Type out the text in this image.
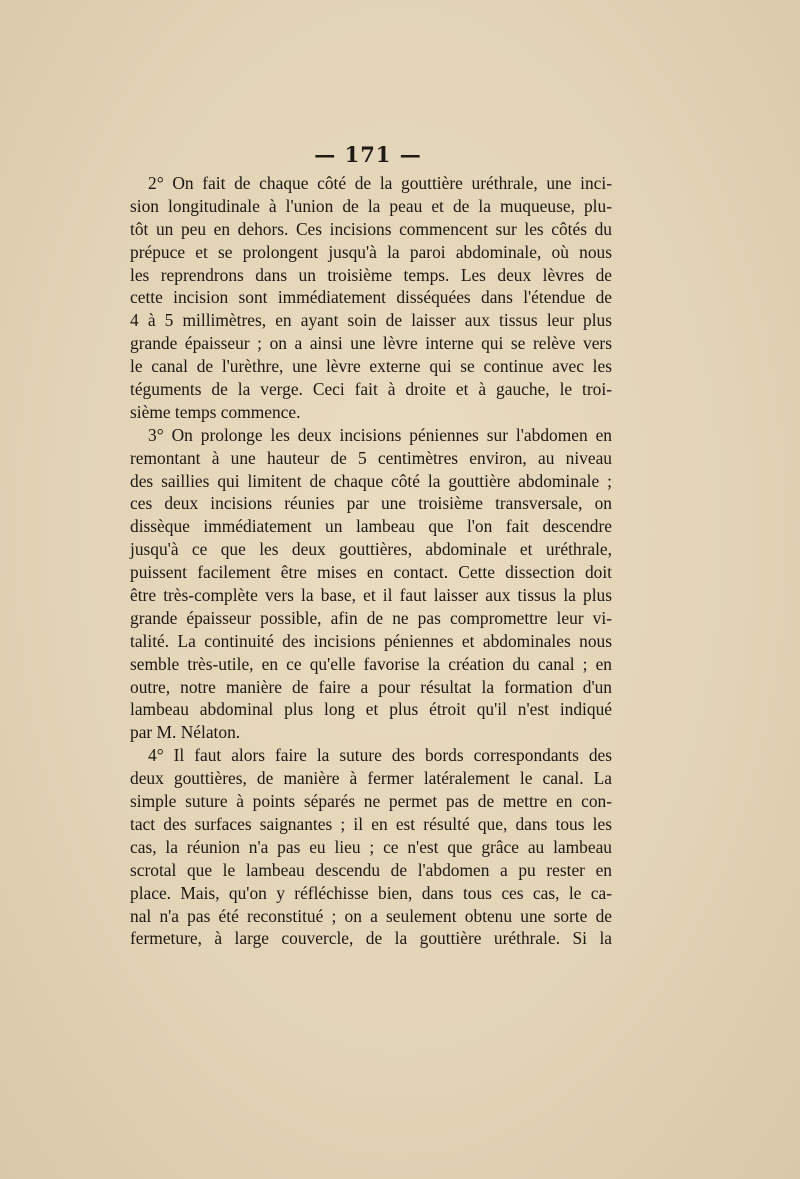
— 171 —
2° On fait de chaque côté de la gouttière uréthrale, une inci-
sion longitudinale à l'union de la peau et de la muqueuse, plu-
tôt un peu en dehors. Ces incisions commencent sur les côtés du
prépuce et se prolongent jusqu'à la paroi abdominale, où nous
les reprendrons dans un troisième temps. Les deux lèvres de
cette incision sont immédiatement disséquées dans l'étendue de
4 à 5 millimètres, en ayant soin de laisser aux tissus leur plus
grande épaisseur ; on a ainsi une lèvre interne qui se relève vers
le canal de l'urèthre, une lèvre externe qui se continue avec les
téguments de la verge. Ceci fait à droite et à gauche, le troi-
sième temps commence.
3° On prolonge les deux incisions péniennes sur l'abdomen en
remontant à une hauteur de 5 centimètres environ, au niveau
des saillies qui limitent de chaque côté la gouttière abdominale ;
ces deux incisions réunies par une troisième transversale, on
dissèque immédiatement un lambeau que l'on fait descendre
jusqu'à ce que les deux gouttières, abdominale et uréthrale,
puissent facilement être mises en contact. Cette dissection doit
être très-complète vers la base, et il faut laisser aux tissus la plus
grande épaisseur possible, afin de ne pas compromettre leur vi-
talité. La continuité des incisions péniennes et abdominales nous
semble très-utile, en ce qu'elle favorise la création du canal ; en
outre, notre manière de faire a pour résultat la formation d'un
lambeau abdominal plus long et plus étroit qu'il n'est indiqué
par M. Nélaton.
4° Il faut alors faire la suture des bords correspondants des
deux gouttières, de manière à fermer latéralement le canal. La
simple suture à points séparés ne permet pas de mettre en con-
tact des surfaces saignantes ; il en est résulté que, dans tous les
cas, la réunion n'a pas eu lieu ; ce n'est que grâce au lambeau
scrotal que le lambeau descendu de l'abdomen a pu rester en
place. Mais, qu'on y réfléchisse bien, dans tous ces cas, le ca-
nal n'a pas été reconstitué ; on a seulement obtenu une sorte de
fermeture, à large couvercle, de la gouttière uréthrale. Si la
